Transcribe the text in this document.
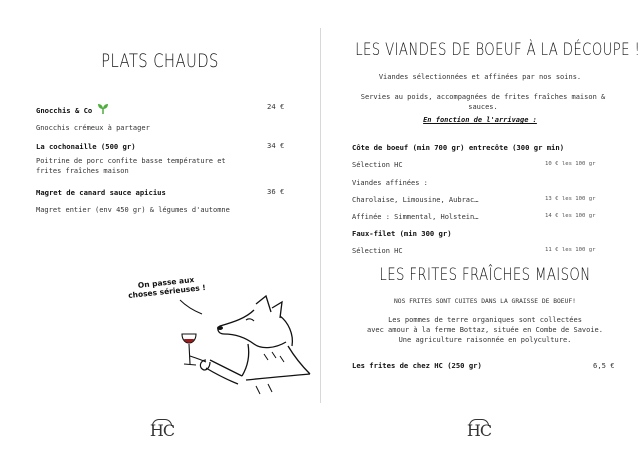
PLATS CHAUDS
Gnocchis & Co	24 €
Gnocchis crémeux à partager
La cochonaille (500 gr)	34 €
Poitrine de porc confite basse température et frites fraîches maison
Magret de canard sauce apicius	36 €
Magret entier (env 450 gr) & légumes d'automne
On passe aux choses sérieuses !
HC
LES VIANDES DE BOEUF À LA DÉCOUPE !
Viandes sélectionnées et affinées par nos soins.
Servies au poids, accompagnées de frites fraîches maison & sauces.
En fonction de l'arrivage :
Côte de boeuf (min 700 gr) entrecôte (300 gr min)
Sélection HC	10 € les 100 gr
Viandes affinées :
Charolaise, Limousine, Aubrac…	13 € les 100 gr
Affinée : Simmental, Holstein…	14 € les 100 gr
Faux-filet (min 300 gr)
Sélection HC	11 € les 100 gr
LES FRITES FRAÎCHES MAISON
NOS FRITES SONT CUITES DANS LA GRAISSE DE BOEUF!
Les pommes de terre organiques sont collectées
avec amour à la ferme Bottaz, située en Combe de Savoie.
Une agriculture raisonnée en polyculture.
Les frites de chez HC (250 gr)	6,5 €
HC
